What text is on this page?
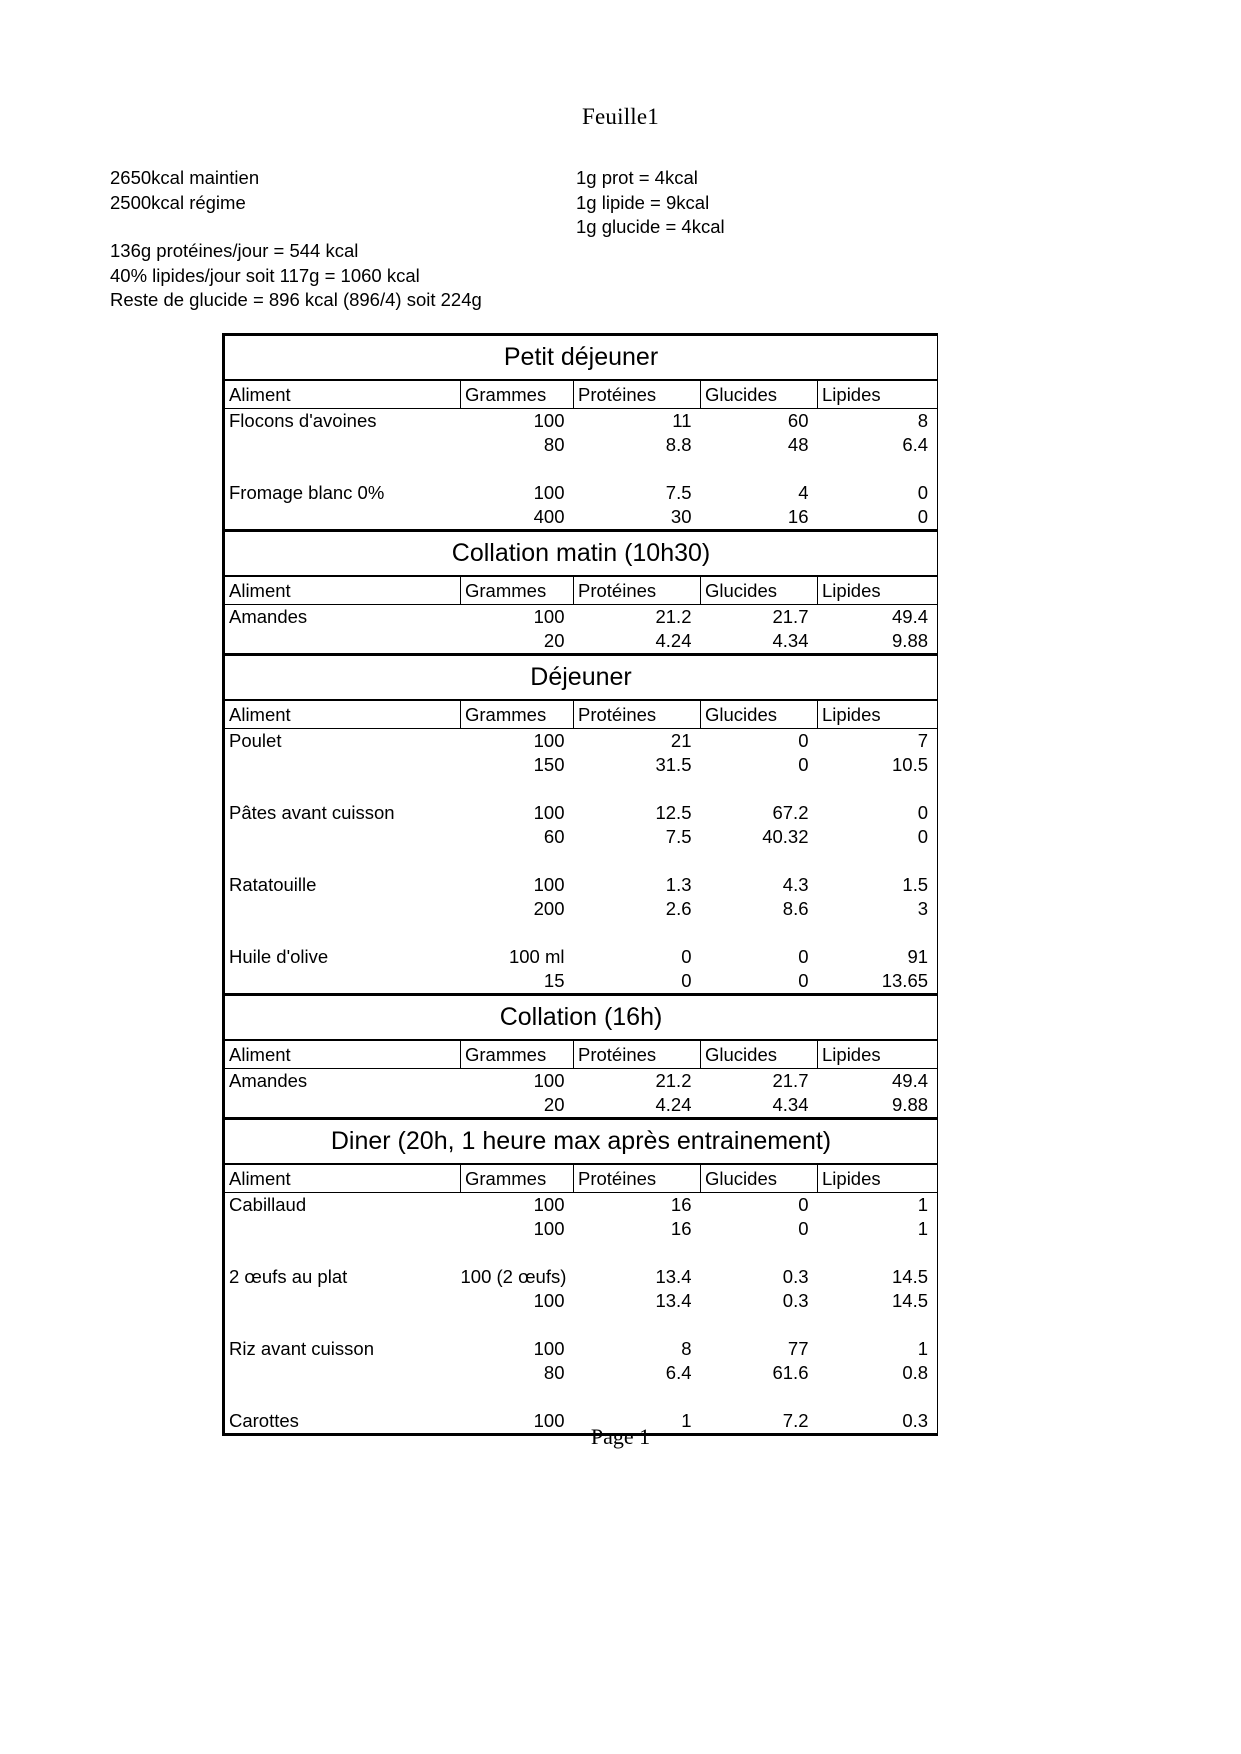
Feuille1
2650kcal maintien
2500kcal régime
136g protéines/jour = 544 kcal
40% lipides/jour soit 117g = 1060 kcal
Reste de glucide = 896 kcal (896/4) soit 224g
1g prot = 4kcal
1g lipide = 9kcal
1g glucide = 4kcal
Petit déjeuner				
Aliment	Grammes	Protéines	Glucides	Lipides
Flocons d'avoines	100	11	60	8
	80	8.8	48	6.4

Fromage blanc 0%	100	7.5	4	0
	400	30	16	0
Collation matin (10h30)				
Aliment	Grammes	Protéines	Glucides	Lipides
Amandes	100	21.2	21.7	49.4
	20	4.24	4.34	9.88
Déjeuner				
Aliment	Grammes	Protéines	Glucides	Lipides
Poulet	100	21	0	7
	150	31.5	0	10.5

Pâtes avant cuisson	100	12.5	67.2	0
	60	7.5	40.32	0

Ratatouille	100	1.3	4.3	1.5
	200	2.6	8.6	3

Huile d'olive	100 ml	0	0	91
	15	0	0	13.65
Collation (16h)				
Aliment	Grammes	Protéines	Glucides	Lipides
Amandes	100	21.2	21.7	49.4
	20	4.24	4.34	9.88
Diner (20h, 1 heure max après entrainement)				
Aliment	Grammes	Protéines	Glucides	Lipides
Cabillaud	100	16	0	1
	100	16	0	1

2 œufs au plat	100 (2 œufs)	13.4	0.3	14.5
	100	13.4	0.3	14.5

Riz avant cuisson	100	8	77	1
	80	6.4	61.6	0.8

Carottes	100	1	7.2	0.3
Page 1
